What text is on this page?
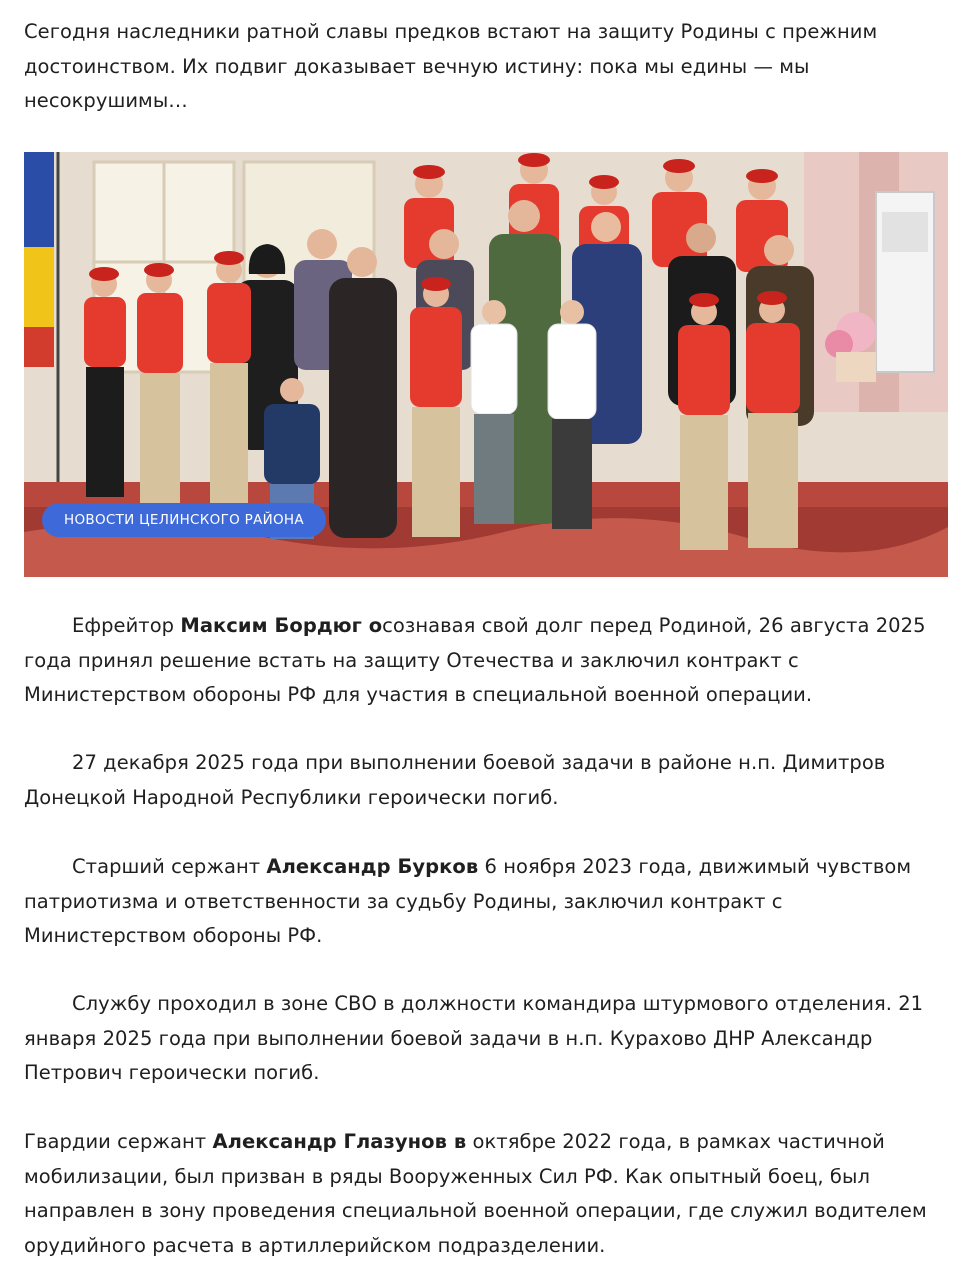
Сегодня наследники ратной славы предков встают на защиту Родины с прежним достоинством. Их подвиг доказывает вечную истину: пока мы едины — мы несокрушимы…

Ефрейтор Максим Бордюг осознавая свой долг перед Родиной, 26 августа 2025 года принял решение встать на защиту Отечества и заключил контракт с Министерством обороны РФ для участия в специальной военной операции.

27 декабря 2025 года при выполнении боевой задачи в районе н.п. Димитров Донецкой Народной Республики героически погиб.

Старший сержант Александр Бурков 6 ноября 2023 года, движимый чувством патриотизма и ответственности за судьбу Родины, заключил контракт с Министерством обороны РФ.

Службу проходил в зоне СВО в должности командира штурмового отделения. 21 января 2025 года при выполнении боевой задачи в н.п. Курахово ДНР Александр Петрович героически погиб.

Гвардии сержант Александр Глазунов в октябре 2022 года, в рамках частичной мобилизации, был призван в ряды Вооруженных Сил РФ. Как опытный боец, был направлен в зону проведения специальной военной операции, где служил водителем орудийного расчета в артиллерийском подразделении.

НОВОСТИ ЦЕЛИНСКОГО РАЙОНА
